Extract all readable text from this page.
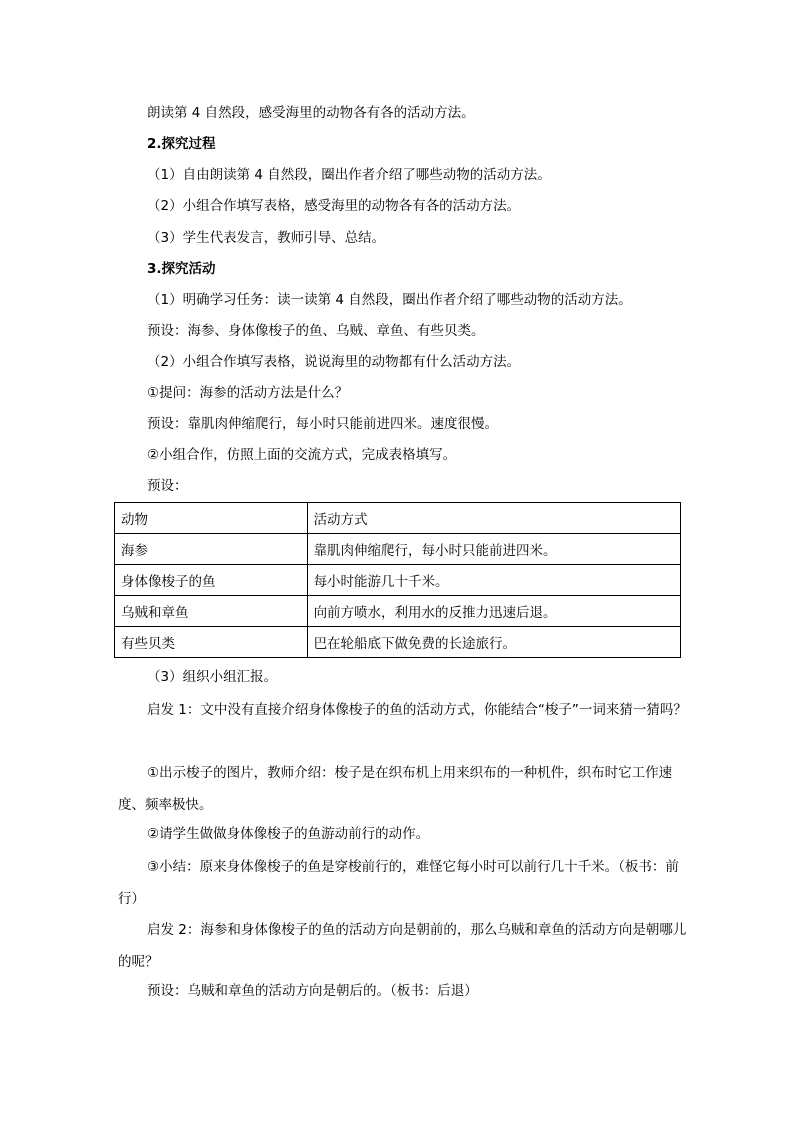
朗读第 4 自然段，感受海里的动物各有各的活动方法。
2.探究过程
（1）自由朗读第 4 自然段，圈出作者介绍了哪些动物的活动方法。
（2）小组合作填写表格，感受海里的动物各有各的活动方法。
（3）学生代表发言，教师引导、总结。
3.探究活动
（1）明确学习任务：读一读第 4 自然段，圈出作者介绍了哪些动物的活动方法。
预设：海参、身体像梭子的鱼、乌贼、章鱼、有些贝类。
（2）小组合作填写表格，说说海里的动物都有什么活动方法。
①提问：海参的活动方法是什么？
预设：靠肌肉伸缩爬行，每小时只能前进四米。速度很慢。
②小组合作，仿照上面的交流方式，完成表格填写。
预设：
动物	活动方式
海参	靠肌肉伸缩爬行，每小时只能前进四米。
身体像梭子的鱼	每小时能游几十千米。
乌贼和章鱼	向前方喷水，利用水的反推力迅速后退。
有些贝类	巴在轮船底下做免费的长途旅行。
（3）组织小组汇报。
启发 1：文中没有直接介绍身体像梭子的鱼的活动方式，你能结合“梭子”一词来猜一猜吗？
①出示梭子的图片，教师介绍：梭子是在织布机上用来织布的一种机件，织布时它工作速度、频率极快。
②请学生做做身体像梭子的鱼游动前行的动作。
③小结：原来身体像梭子的鱼是穿梭前行的，难怪它每小时可以前行几十千米。（板书：前行）
启发 2：海参和身体像梭子的鱼的活动方向是朝前的，那么乌贼和章鱼的活动方向是朝哪儿的呢？
预设：乌贼和章鱼的活动方向是朝后的。（板书：后退）
